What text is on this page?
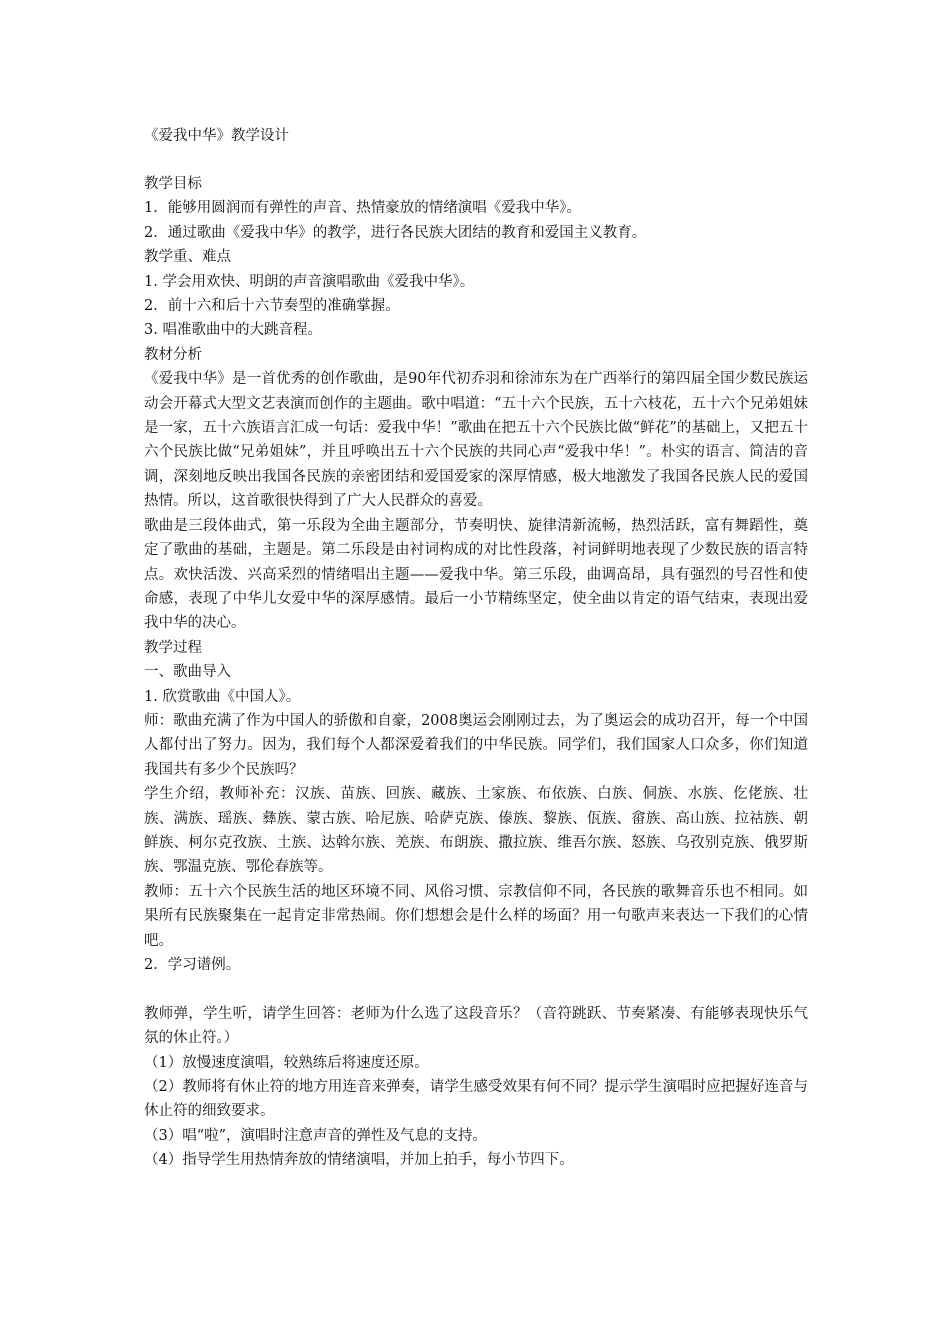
《爱我中华》教学设计

教学目标

1．能够用圆润而有弹性的声音、热情豪放的情绪演唱《爱我中华》。

2．通过歌曲《爱我中华》的教学，进行各民族大团结的教育和爱国主义教育。

教学重、难点

1. 学会用欢快、明朗的声音演唱歌曲《爱我中华》。

2．前十六和后十六节奏型的准确掌握。

3. 唱准歌曲中的大跳音程。

教材分析

《爱我中华》是一首优秀的创作歌曲，是90年代初乔羽和徐沛东为在广西举行的第四届全国少数民族运动会开幕式大型文艺表演而创作的主题曲。歌中唱道：“五十六个民族，五十六枝花，五十六个兄弟姐妹是一家，五十六族语言汇成一句话：爱我中华！”歌曲在把五十六个民族比做“鲜花”的基础上，又把五十六个民族比做“兄弟姐妹”，并且呼唤出五十六个民族的共同心声“爱我中华！”。朴实的语言、简洁的音调，深刻地反映出我国各民族的亲密团结和爱国爱家的深厚情感，极大地激发了我国各民族人民的爱国热情。所以，这首歌很快得到了广大人民群众的喜爱。

歌曲是三段体曲式，第一乐段为全曲主题部分，节奏明快、旋律清新流畅，热烈活跃，富有舞蹈性，奠定了歌曲的基础，主题是。第二乐段是由衬词构成的对比性段落，衬词鲜明地表现了少数民族的语言特点。欢快活泼、兴高采烈的情绪唱出主题——爱我中华。第三乐段，曲调高昂，具有强烈的号召性和使命感，表现了中华儿女爱中华的深厚感情。最后一小节精练坚定，使全曲以肯定的语气结束，表现出爱我中华的决心。

教学过程

一、歌曲导入

1. 欣赏歌曲《中国人》。

师：歌曲充满了作为中国人的骄傲和自豪，2008奥运会刚刚过去，为了奥运会的成功召开，每一个中国人都付出了努力。因为，我们每个人都深爱着我们的中华民族。同学们，我们国家人口众多，你们知道我国共有多少个民族吗？

学生介绍，教师补充：汉族、苗族、回族、藏族、土家族、布依族、白族、侗族、水族、仡佬族、壮族、满族、瑶族、彝族、蒙古族、哈尼族、哈萨克族、傣族、黎族、佤族、畲族、高山族、拉祜族、朝鲜族、柯尔克孜族、土族、达斡尔族、羌族、布朗族、撒拉族、维吾尔族、怒族、乌孜别克族、俄罗斯族、鄂温克族、鄂伦春族等。

教师：五十六个民族生活的地区环境不同、风俗习惯、宗教信仰不同，各民族的歌舞音乐也不相同。如果所有民族聚集在一起肯定非常热闹。你们想想会是什么样的场面？用一句歌声来表达一下我们的心情吧。

2．学习谱例。

教师弹，学生听，请学生回答：老师为什么选了这段音乐？（音符跳跃、节奏紧凑、有能够表现快乐气氛的休止符。）

（1）放慢速度演唱，较熟练后将速度还原。

（2）教师将有休止符的地方用连音来弹奏，请学生感受效果有何不同？提示学生演唱时应把握好连音与休止符的细致要求。

（3）唱“啦”，演唱时注意声音的弹性及气息的支持。

（4）指导学生用热情奔放的情绪演唱，并加上拍手，每小节四下。
